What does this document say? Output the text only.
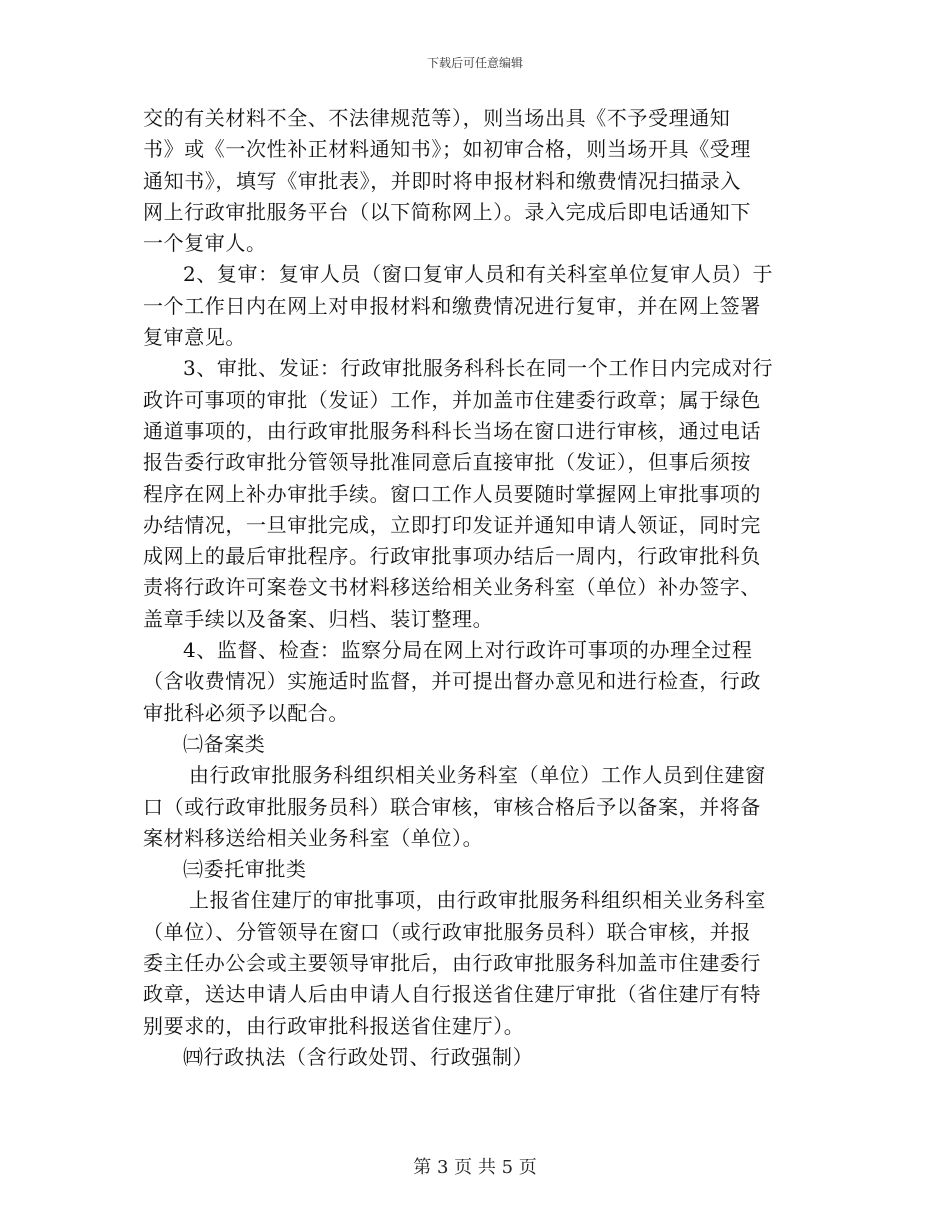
下载后可任意编辑
交的有关材料不全、不法律规范等），则当场出具《不予受理通知
书》或《一次性补正材料通知书》；如初审合格，则当场开具《受理
通知书》，填写《审批表》，并即时将申报材料和缴费情况扫描录入
网上行政审批服务平台（以下简称网上）。录入完成后即电话通知下
一个复审人。
2、复审：复审人员（窗口复审人员和有关科室单位复审人员）于
一个工作日内在网上对申报材料和缴费情况进行复审，并在网上签署
复审意见。
3、审批、发证：行政审批服务科科长在同一个工作日内完成对行
政许可事项的审批（发证）工作，并加盖市住建委行政章；属于绿色
通道事项的，由行政审批服务科科长当场在窗口进行审核，通过电话
报告委行政审批分管领导批准同意后直接审批（发证），但事后须按
程序在网上补办审批手续。窗口工作人员要随时掌握网上审批事项的
办结情况，一旦审批完成，立即打印发证并通知申请人领证，同时完
成网上的最后审批程序。行政审批事项办结后一周内，行政审批科负
责将行政许可案卷文书材料移送给相关业务科室（单位）补办签字、
盖章手续以及备案、归档、装订整理。
4、监督、检查：监察分局在网上对行政许可事项的办理全过程
（含收费情况）实施适时监督，并可提出督办意见和进行检查，行政
审批科必须予以配合。
㈡备案类
由行政审批服务科组织相关业务科室（单位）工作人员到住建窗
口（或行政审批服务员科）联合审核，审核合格后予以备案，并将备
案材料移送给相关业务科室（单位）。
㈢委托审批类
上报省住建厅的审批事项，由行政审批服务科组织相关业务科室
（单位）、分管领导在窗口（或行政审批服务员科）联合审核，并报
委主任办公会或主要领导审批后，由行政审批服务科加盖市住建委行
政章，送达申请人后由申请人自行报送省住建厅审批（省住建厅有特
别要求的，由行政审批科报送省住建厅）。
㈣行政执法（含行政处罚、行政强制）
第 3 页 共 5 页
